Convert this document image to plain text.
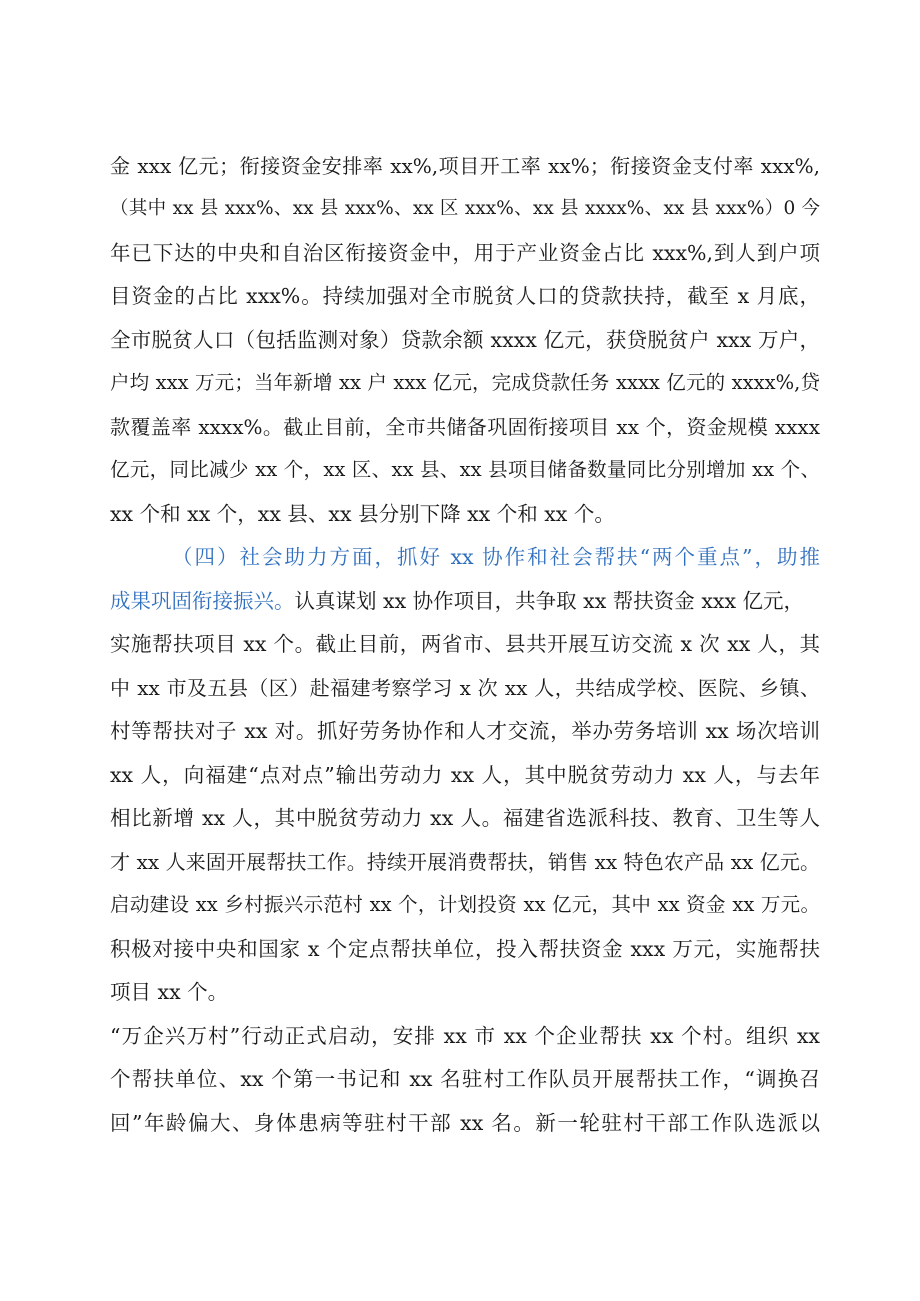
金 xxx 亿元；衔接资金安排率 xx%,项目开工率 xx%；衔接资金支付率 xxx%,
（其中 xx 县 xxx%、xx 县 xxx%、xx 区 xxx%、xx 县 xxxx%、xx 县 xxx%）0 今
年已下达的中央和自治区衔接资金中，用于产业资金占比 xxx%,到人到户项
目资金的占比 xxx%。持续加强对全市脱贫人口的贷款扶持，截至 x 月底，
全市脱贫人口（包括监测对象）贷款余额 xxxx 亿元，获贷脱贫户 xxx 万户，
户均 xxx 万元；当年新增 xx 户 xxx 亿元，完成贷款任务 xxxx 亿元的 xxxx%,贷
款覆盖率 xxxx%。截止目前，全市共储备巩固衔接项目 xx 个，资金规模 xxxx
亿元，同比减少 xx 个，xx 区、xx 县、xx 县项目储备数量同比分别增加 xx 个、
xx 个和 xx 个，xx 县、xx 县分别下降 xx 个和 xx 个。
（四）社会助力方面，抓好 xx 协作和社会帮扶“两个重点”，助推
成果巩固衔接振兴。认真谋划 xx 协作项目，共争取 xx 帮扶资金 xxx 亿元，
实施帮扶项目 xx 个。截止目前，两省市、县共开展互访交流 x 次 xx 人，其
中 xx 市及五县（区）赴福建考察学习 x 次 xx 人，共结成学校、医院、乡镇、
村等帮扶对子 xx 对。抓好劳务协作和人才交流，举办劳务培训 xx 场次培训
xx 人，向福建“点对点”输出劳动力 xx 人，其中脱贫劳动力 xx 人，与去年
相比新增 xx 人，其中脱贫劳动力 xx 人。福建省选派科技、教育、卫生等人
才 xx 人来固开展帮扶工作。持续开展消费帮扶，销售 xx 特色农产品 xx 亿元。
启动建设 xx 乡村振兴示范村 xx 个，计划投资 xx 亿元，其中 xx 资金 xx 万元。
积极对接中央和国家 x 个定点帮扶单位，投入帮扶资金 xxx 万元，实施帮扶
项目 xx 个。
“万企兴万村”行动正式启动，安排 xx 市 xx 个企业帮扶 xx 个村。组织 xx
个帮扶单位、xx 个第一书记和 xx 名驻村工作队员开展帮扶工作，“调换召
回”年龄偏大、身体患病等驻村干部 xx 名。新一轮驻村干部工作队选派以
